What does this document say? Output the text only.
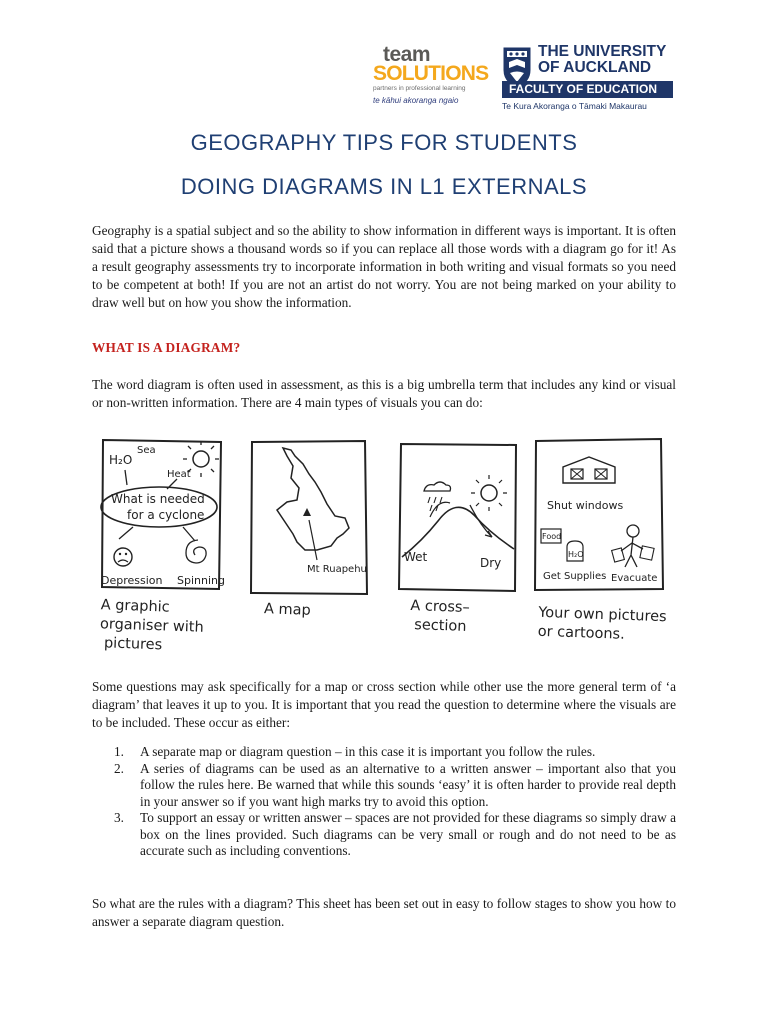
team
SOLUTIONS
partners in professional learning
te kāhui akoranga ngaio
THE UNIVERSITY
OF AUCKLAND
FACULTY OF EDUCATION
Te Kura Akoranga o Tāmaki Makaurau
GEOGRAPHY TIPS FOR STUDENTS
DOING DIAGRAMS IN L1 EXTERNALS

Geography is a spatial subject and so the ability to show information in different ways is important. It is often said that a picture shows a thousand words so if you can replace all those words with a diagram go for it! As a result geography assessments try to incorporate information in both writing and visual formats so you need to be competent at both! If you are not an artist do not worry. You are not being marked on your ability to draw well but on how you show the information.

WHAT IS A DIAGRAM?

The word diagram is often used in assessment, as this is a big umbrella term that includes any kind or visual or non-written information. There are 4 main types of visuals you can do:

H₂O
Sea
Heat
What is needed
for a cyclone
Depression Spinning
A graphic
organiser with
pictures
Mt Ruapehu
A map
Wet	Dry
A cross–
section
Shut windows
Food
H₂O
Get Supplies Evacuate
Your own pictures
or cartoons.

Some questions may ask specifically for a map or cross section while other use the more general term of ‘a diagram’ that leaves it up to you. It is important that you read the question to determine where the visuals are to be included. These occur as either:

1. A separate map or diagram question – in this case it is important you follow the rules.
2. A series of diagrams can be used as an alternative to a written answer – important also that you follow the rules here. Be warned that while this sounds ‘easy’ it is often harder to provide real depth in your answer so if you want high marks try to avoid this option.
3. To support an essay or written answer – spaces are not provided for these diagrams so simply draw a box on the lines provided. Such diagrams can be very small or rough and do not need to be as accurate such as including conventions.

So what are the rules with a diagram? This sheet has been set out in easy to follow stages to show you how to answer a separate diagram question.
